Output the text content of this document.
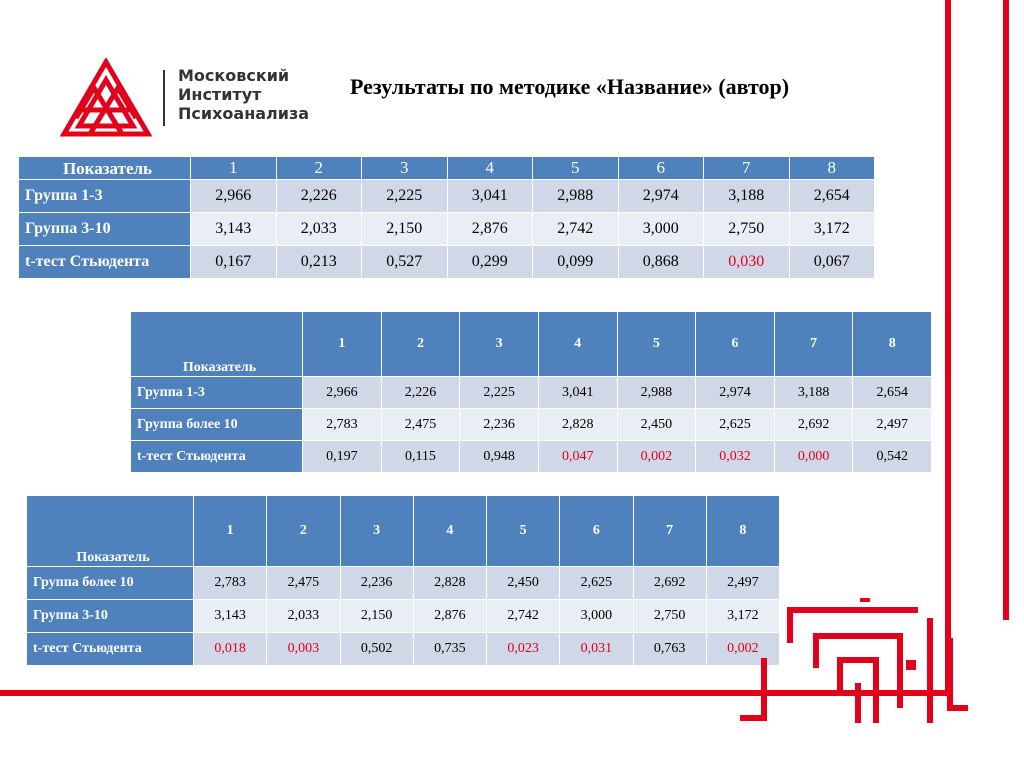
Московский
Институт
Психоанализа
Результаты по методике «Название» (автор)
Показатель	1	2	3	4	5	6	7	8
Группа 1-3	2,966	2,226	2,225	3,041	2,988	2,974	3,188	2,654
Группа 3-10	3,143	2,033	2,150	2,876	2,742	3,000	2,750	3,172
t-тест Стьюдента	0,167	0,213	0,527	0,299	0,099	0,868	0,030	0,067
Показатель	1	2	3	4	5	6	7	8
Группа 1-3	2,966	2,226	2,225	3,041	2,988	2,974	3,188	2,654
Группа более 10	2,783	2,475	2,236	2,828	2,450	2,625	2,692	2,497
t-тест Стьюдента	0,197	0,115	0,948	0,047	0,002	0,032	0,000	0,542
Показатель	1	2	3	4	5	6	7	8
Группа более 10	2,783	2,475	2,236	2,828	2,450	2,625	2,692	2,497
Группа 3-10	3,143	2,033	2,150	2,876	2,742	3,000	2,750	3,172
t-тест Стьюдента	0,018	0,003	0,502	0,735	0,023	0,031	0,763	0,002
